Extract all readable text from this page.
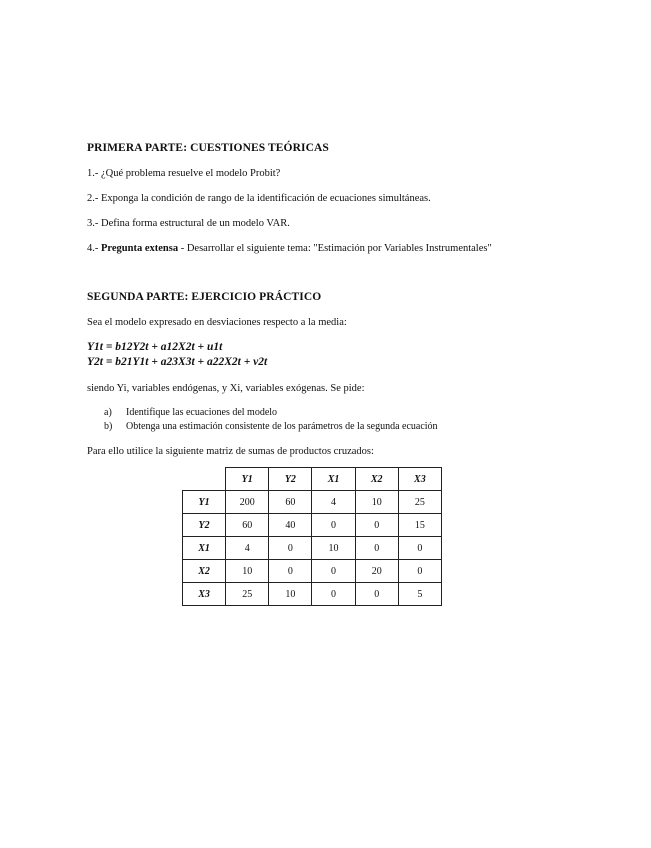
PRIMERA PARTE: CUESTIONES TEÓRICAS
1.- ¿Qué problema resuelve el modelo Probit?
2.- Exponga la condición de rango de la identificación de ecuaciones simultáneas.
3.- Defina forma estructural de un modelo VAR.
4.- Pregunta extensa - Desarrollar el siguiente tema: "Estimación por Variables Instrumentales"
SEGUNDA PARTE: EJERCICIO PRÁCTICO
Sea el modelo expresado en desviaciones respecto a la media:
Y1t = b12Y2t + a12X2t + u1t
Y2t = b21Y1t + a23X3t + a22X2t + v2t
siendo Yi, variables endógenas, y Xi, variables exógenas. Se pide:
a) Identifique las ecuaciones del modelo
b) Obtenga una estimación consistente de los parámetros de la segunda ecuación
Para ello utilice la siguiente matriz de sumas de productos cruzados:
	Y1	Y2	X1	X2	X3
Y1	200	60	4	10	25
Y2	60	40	0	0	15
X1	4	0	10	0	0
X2	10	0	0	20	0
X3	25	10	0	0	5
